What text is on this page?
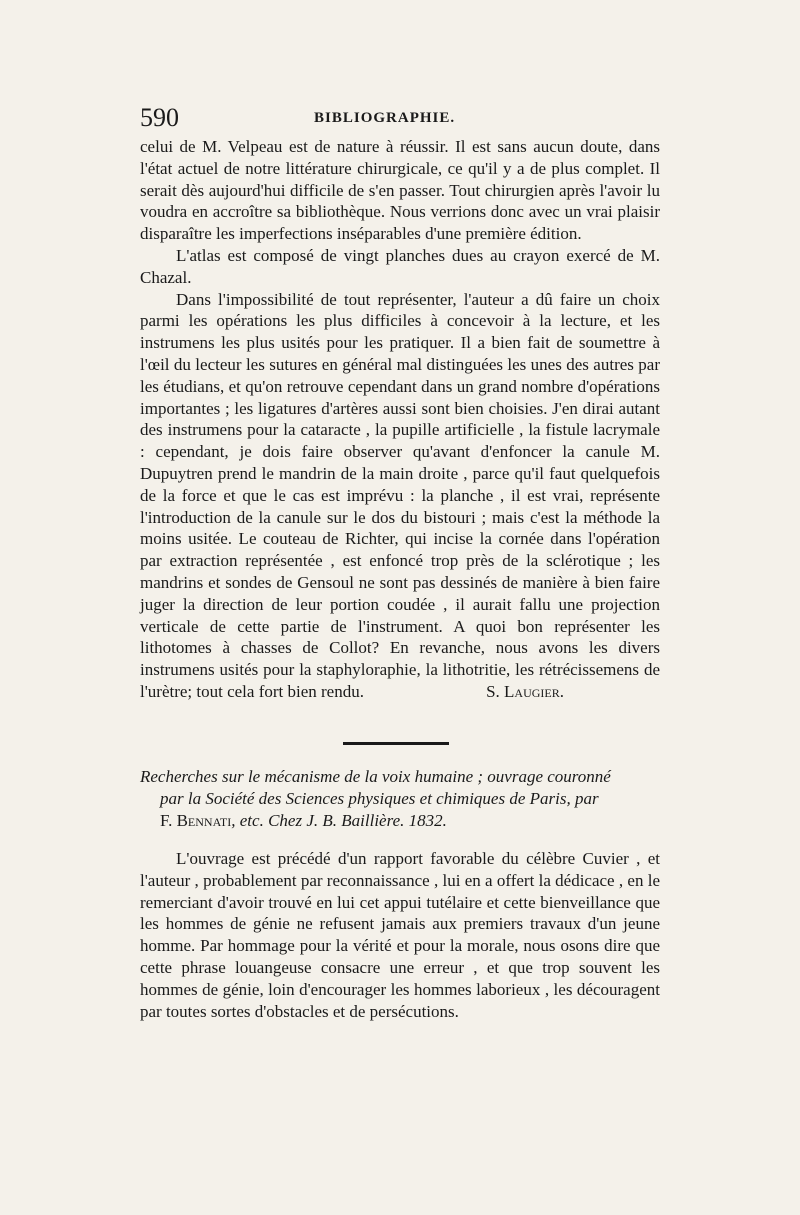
590	BIBLIOGRAPHIE.

celui de M. Velpeau est de nature à réussir. Il est sans aucun doute, dans l'état actuel de notre littérature chirurgicale, ce qu'il y a de plus complet. Il serait dès aujourd'hui difficile de s'en passer. Tout chirurgien après l'avoir lu voudra en accroître sa bibliothèque. Nous verrions donc avec un vrai plaisir disparaître les imperfections inséparables d'une première édition.

L'atlas est composé de vingt planches dues au crayon exercé de M. Chazal.

Dans l'impossibilité de tout représenter, l'auteur a dû faire un choix parmi les opérations les plus difficiles à concevoir à la lecture, et les instrumens les plus usités pour les pratiquer. Il a bien fait de soumettre à l'œil du lecteur les sutures en général mal distinguées les unes des autres par les étudians, et qu'on retrouve cependant dans un grand nombre d'opérations importantes ; les ligatures d'artères aussi sont bien choisies. J'en dirai autant des instrumens pour la cataracte , la pupille artificielle , la fistule lacrymale : cependant, je dois faire observer qu'avant d'enfoncer la canule M. Dupuytren prend le mandrin de la main droite , parce qu'il faut quelquefois de la force et que le cas est imprévu : la planche , il est vrai, représente l'introduction de la canule sur le dos du bistouri ; mais c'est la méthode la moins usitée. Le couteau de Richter, qui incise la cornée dans l'opération par extraction représentée , est enfoncé trop près de la sclérotique ; les mandrins et sondes de Gensoul ne sont pas dessinés de manière à bien faire juger la direction de leur portion coudée , il aurait fallu une projection verticale de cette partie de l'instrument. A quoi bon représenter les lithotomes à chasses de Collot? En revanche, nous avons les divers instrumens usités pour la staphyloraphie, la lithotritie, les rétrécissemens de l'urètre; tout cela fort bien rendu.	S. Laugier.

Recherches sur le mécanisme de la voix humaine ; ouvrage couronné
par la Société des Sciences physiques et chimiques de Paris, par
F. Bennati, etc. Chez J. B. Baillière. 1832.

L'ouvrage est précédé d'un rapport favorable du célèbre Cuvier , et l'auteur , probablement par reconnaissance , lui en a offert la dédicace , en le remerciant d'avoir trouvé en lui cet appui tutélaire et cette bienveillance que les hommes de génie ne refusent jamais aux premiers travaux d'un jeune homme. Par hommage pour la vérité et pour la morale, nous osons dire que cette phrase louangeuse consacre une erreur , et que trop souvent les hommes de génie, loin d'encourager les hommes laborieux , les découragent par toutes sortes d'obstacles et de persécutions.
